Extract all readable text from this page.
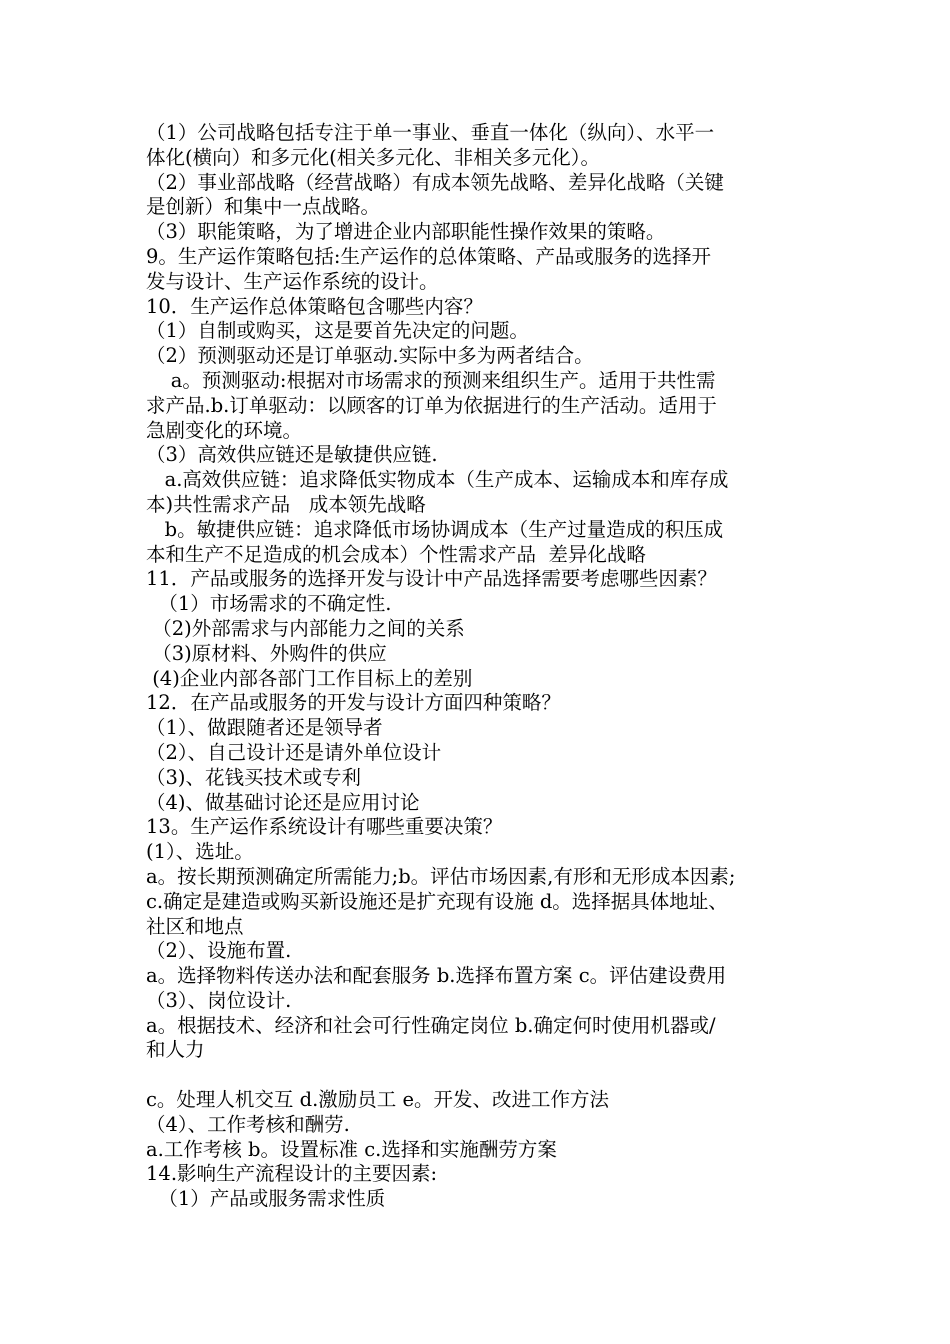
（1）公司战略包括专注于单一事业、垂直一体化（纵向）、水平一
体化(横向）和多元化(相关多元化、非相关多元化）。
（2）事业部战略（经营战略）有成本领先战略、差异化战略（关键
是创新）和集中一点战略。
（3）职能策略，为了增进企业内部职能性操作效果的策略。
9。生产运作策略包括:生产运作的总体策略、产品或服务的选择开
发与设计、生产运作系统的设计。
10．生产运作总体策略包含哪些内容？
（1）自制或购买，这是要首先决定的问题。
（2）预测驱动还是订单驱动.实际中多为两者结合。
a。预测驱动:根据对市场需求的预测来组织生产。适用于共性需
求产品.b.订单驱动：以顾客的订单为依据进行的生产活动。适用于
急剧变化的环境。
（3）高效供应链还是敏捷供应链.
a.高效供应链：追求降低实物成本（生产成本、运输成本和库存成
本)共性需求产品   成本领先战略
b。敏捷供应链：追求降低市场协调成本（生产过量造成的积压成
本和生产不足造成的机会成本）个性需求产品  差异化战略
11．产品或服务的选择开发与设计中产品选择需要考虑哪些因素？
（1）市场需求的不确定性.
（2)外部需求与内部能力之间的关系
（3)原材料、外购件的供应
(4)企业内部各部门工作目标上的差别
12．在产品或服务的开发与设计方面四种策略？
（1）、做跟随者还是领导者
（2）、自己设计还是请外单位设计
（3)、花钱买技术或专利
（4)、做基础讨论还是应用讨论
13。生产运作系统设计有哪些重要决策？
(1）、选址。
a。按长期预测确定所需能力;b。评估市场因素,有形和无形成本因素;
c.确定是建造或购买新设施还是扩充现有设施 d。选择据具体地址、
社区和地点
（2）、设施布置.
a。选择物料传送办法和配套服务 b.选择布置方案 c。评估建设费用
（3）、岗位设计.
a。根据技术、经济和社会可行性确定岗位 b.确定何时使用机器或/
和人力
c。处理人机交互 d.激励员工 e。开发、改进工作方法
（4）、工作考核和酬劳.
a.工作考核 b。设置标准 c.选择和实施酬劳方案
14.影响生产流程设计的主要因素:
（1）产品或服务需求性质
